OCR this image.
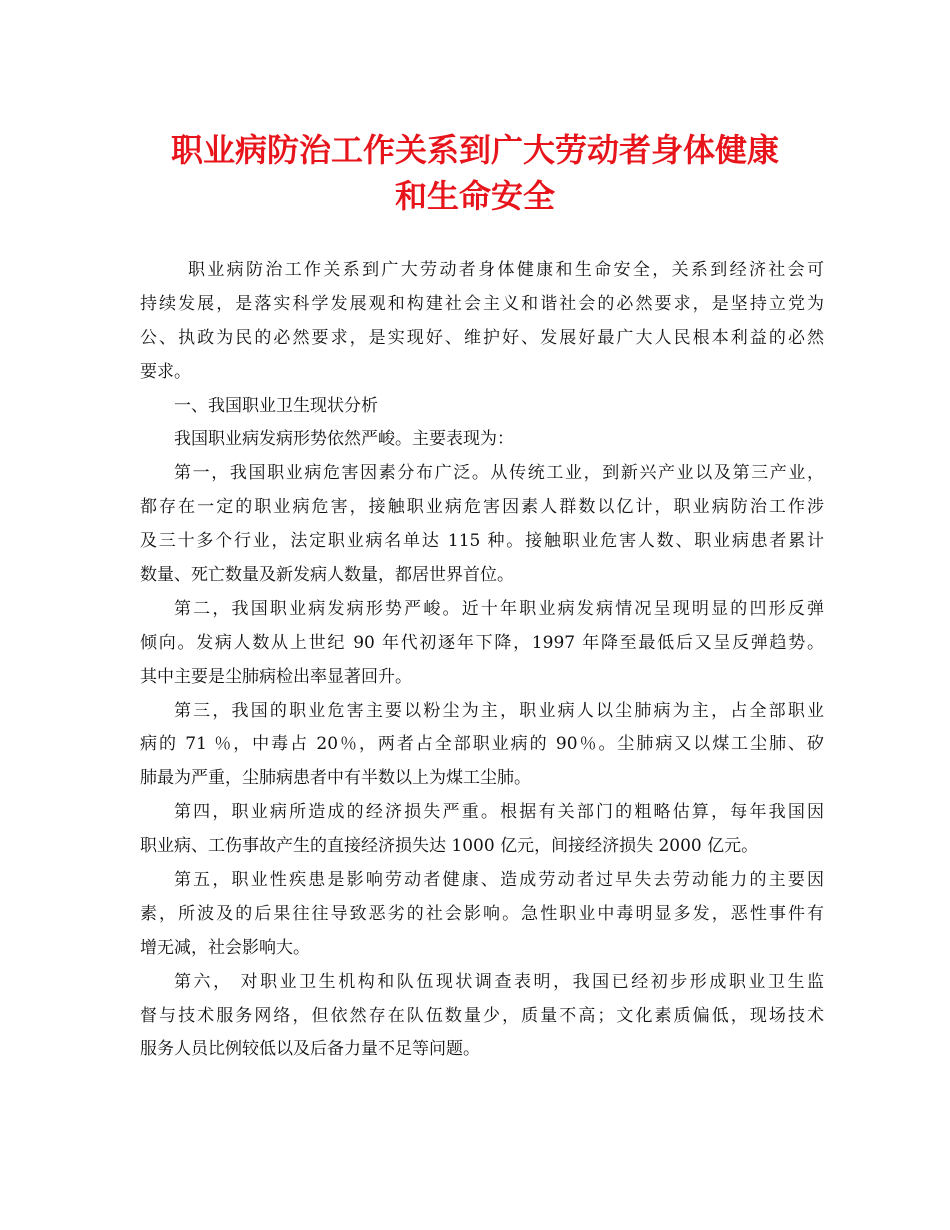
职业病防治工作关系到广大劳动者身体健康
和生命安全
职业病防治工作关系到广大劳动者身体健康和生命安全，关系到经济社会可
持续发展，是落实科学发展观和构建社会主义和谐社会的必然要求，是坚持立党为
公、执政为民的必然要求，是实现好、维护好、发展好最广大人民根本利益的必然
要求。
一、我国职业卫生现状分析
我国职业病发病形势依然严峻。主要表现为：
第一，我国职业病危害因素分布广泛。从传统工业，到新兴产业以及第三产业，
都存在一定的职业病危害，接触职业病危害因素人群数以亿计，职业病防治工作涉
及三十多个行业，法定职业病名单达 115 种。接触职业危害人数、职业病患者累计
数量、死亡数量及新发病人数量，都居世界首位。
第二，我国职业病发病形势严峻。近十年职业病发病情况呈现明显的凹形反弹
倾向。发病人数从上世纪 90 年代初逐年下降，1997 年降至最低后又呈反弹趋势。
其中主要是尘肺病检出率显著回升。
第三，我国的职业危害主要以粉尘为主，职业病人以尘肺病为主，占全部职业
病的 71 ％，中毒占 20％，两者占全部职业病的 90％。尘肺病又以煤工尘肺、矽
肺最为严重，尘肺病患者中有半数以上为煤工尘肺。
第四，职业病所造成的经济损失严重。根据有关部门的粗略估算，每年我国因
职业病、工伤事故产生的直接经济损失达 1000 亿元，间接经济损失 2000 亿元。
第五，职业性疾患是影响劳动者健康、造成劳动者过早失去劳动能力的主要因
素，所波及的后果往往导致恶劣的社会影响。急性职业中毒明显多发，恶性事件有
增无减，社会影响大。
第六， 对职业卫生机构和队伍现状调查表明，我国已经初步形成职业卫生监
督与技术服务网络，但依然存在队伍数量少，质量不高；文化素质偏低，现场技术
服务人员比例较低以及后备力量不足等问题。
